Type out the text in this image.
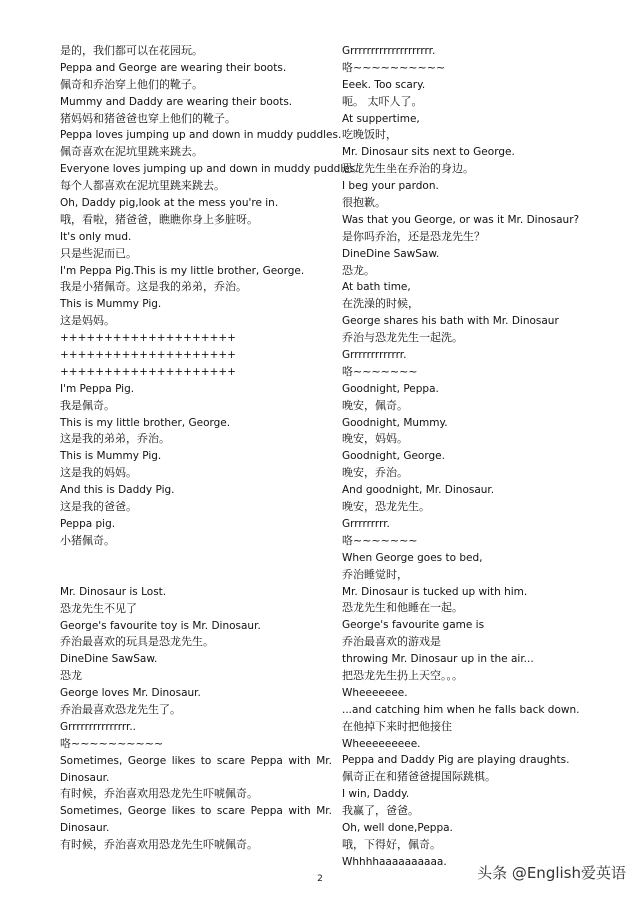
是的，我们都可以在花园玩。
Peppa and George are wearing their boots.
佩奇和乔治穿上他们的靴子。
Mummy and Daddy are wearing their boots.
猪妈妈和猪爸爸也穿上他们的靴子。
Peppa loves jumping up and down in muddy puddles.
佩奇喜欢在泥坑里跳来跳去。
Everyone loves jumping up and down in muddy puddles.
每个人都喜欢在泥坑里跳来跳去。
Oh, Daddy pig,look at the mess you're in.
哦，看啦，猪爸爸，瞧瞧你身上多脏呀。
It's only mud.
只是些泥而已。
I'm Peppa Pig.This is my little brother, George.
我是小猪佩奇。这是我的弟弟，乔治。
This is Mummy Pig.
这是妈妈。
++++++++++++++++++++
++++++++++++++++++++
++++++++++++++++++++
I'm Peppa Pig.
我是佩奇。
This is my little brother, George.
这是我的弟弟，乔治。
This is Mummy Pig.
这是我的妈妈。
And this is Daddy Pig.
这是我的爸爸。
Peppa pig.
小猪佩奇。
Mr. Dinosaur is Lost.
恐龙先生不见了
George's favourite toy is Mr. Dinosaur.
乔治最喜欢的玩具是恐龙先生。
DineDine SawSaw.
恐龙
George loves Mr. Dinosaur.
乔治最喜欢恐龙先生了。
Grrrrrrrrrrrrrrr..
咯~~~~~~~~~~
Sometimes, George likes to scare Peppa with Mr.
Dinosaur.
有时候，乔治喜欢用恐龙先生吓唬佩奇。
Sometimes, George likes to scare Peppa with Mr.
Dinosaur.
有时候，乔治喜欢用恐龙先生吓唬佩奇。
Grrrrrrrrrrrrrrrrrrrr.
咯~~~~~~~~~~
Eeek. Too scary.
呃。 太吓人了。
At suppertime,
吃晚饭时，
Mr. Dinosaur sits next to George.
恐龙先生坐在乔治的身边。
I beg your pardon.
很抱歉。
Was that you George, or was it Mr. Dinosaur?
是你吗乔治，还是恐龙先生？
DineDine SawSaw.
恐龙。
At bath time,
在洗澡的时候，
George shares his bath with Mr. Dinosaur
乔治与恐龙先生一起洗。
Grrrrrrrrrrrrr.
咯~~~~~~~
Goodnight, Peppa.
晚安，佩奇。
Goodnight, Mummy.
晚安，妈妈。
Goodnight, George.
晚安，乔治。
And goodnight, Mr. Dinosaur.
晚安，恐龙先生。
Grrrrrrrrr.
咯~~~~~~~
When George goes to bed,
乔治睡觉时，
Mr. Dinosaur is tucked up with him.
恐龙先生和他睡在一起。
George's favourite game is
乔治最喜欢的游戏是
throwing Mr. Dinosaur up in the air...
把恐龙先生扔上天空。。。
Wheeeeeee.
...and catching him when he falls back down.
在他掉下来时把他接住
Wheeeeeeeee.
Peppa and Daddy Pig are playing draughts.
佩奇正在和猪爸爸提国际跳棋。
I win, Daddy.
我赢了，爸爸。
Oh, well done,Peppa.
哦，下得好，佩奇。
Whhhhaaaaaaaaaa.
2	头条 @English爱英语
